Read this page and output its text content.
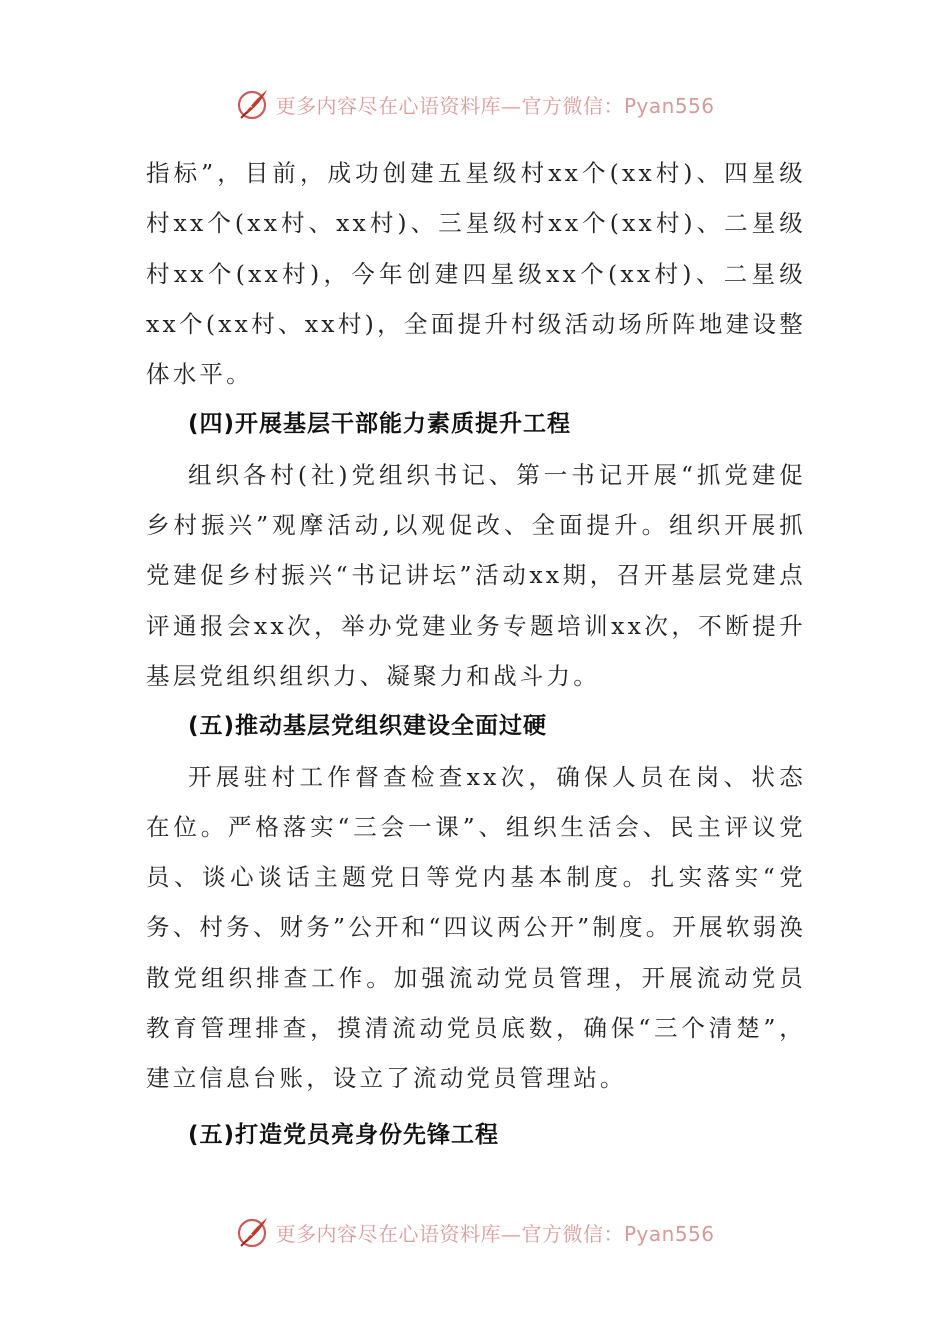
更多内容尽在心语资料库—官方微信：Pyan556

指标”，目前，成功创建五星级村xx个(xx村)、四星级村xx个(xx村、xx村)、三星级村xx个(xx村)、二星级村xx个(xx村)，今年创建四星级xx个(xx村)、二星级xx个(xx村、xx村)，全面提升村级活动场所阵地建设整体水平。

(四)开展基层干部能力素质提升工程

组织各村(社)党组织书记、第一书记开展“抓党建促乡村振兴”观摩活动,以观促改、全面提升。组织开展抓党建促乡村振兴“书记讲坛”活动xx期，召开基层党建点评通报会xx次，举办党建业务专题培训xx次，不断提升基层党组织组织力、凝聚力和战斗力。

(五)推动基层党组织建设全面过硬

开展驻村工作督查检查xx次，确保人员在岗、状态在位。严格落实“三会一课”、组织生活会、民主评议党员、谈心谈话主题党日等党内基本制度。扎实落实“党务、村务、财务”公开和“四议两公开”制度。开展软弱涣散党组织排查工作。加强流动党员管理，开展流动党员教育管理排查，摸清流动党员底数，确保“三个清楚”，建立信息台账，设立了流动党员管理站。

(五)打造党员亮身份先锋工程
更多内容尽在心语资料库—官方微信：Pyan556
